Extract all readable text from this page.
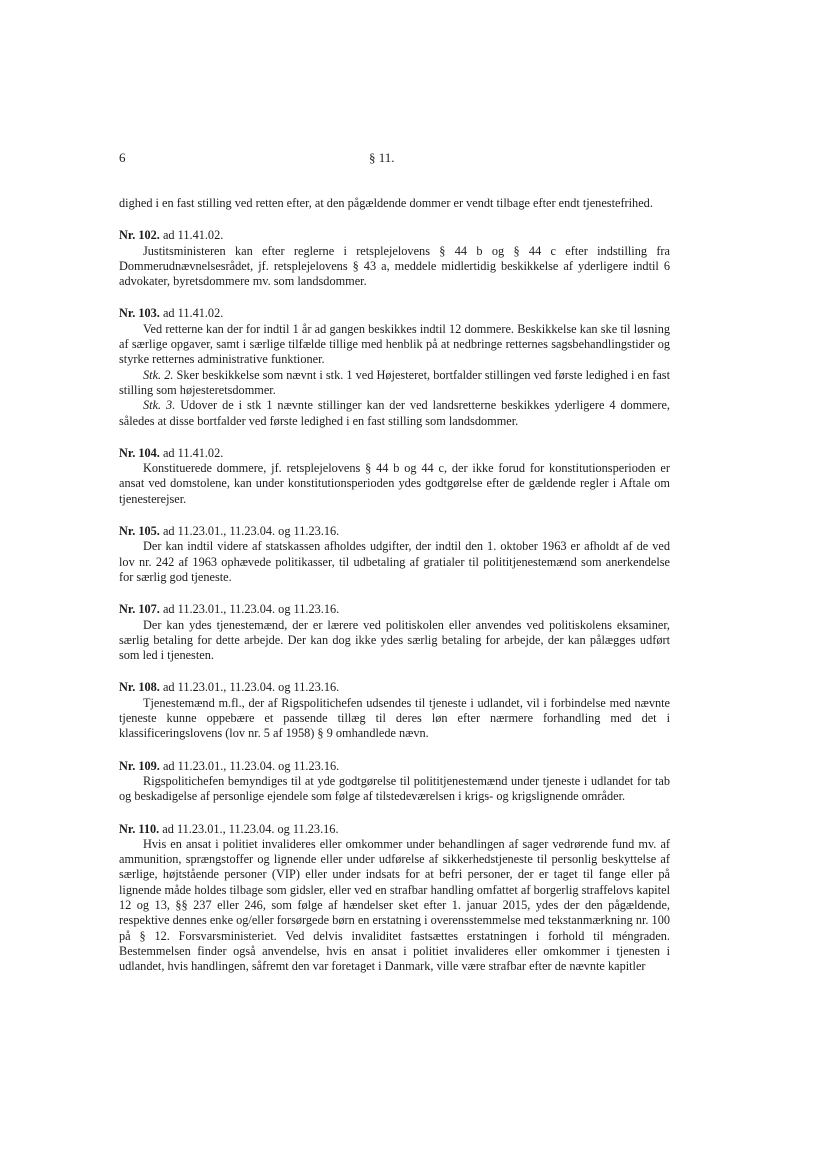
6	§ 11.

dighed i en fast stilling ved retten efter, at den pågældende dommer er vendt tilbage efter endt tjenestefrihed.

Nr. 102. ad 11.41.02.

Justitsministeren kan efter reglerne i retsplejelovens § 44 b og § 44 c efter indstilling fra Dommerudnævnelsesrådet, jf. retsplejelovens § 43 a, meddele midlertidig beskikkelse af yderligere indtil 6 advokater, byretsdommere mv. som landsdommer.

Nr. 103. ad 11.41.02.

Ved retterne kan der for indtil 1 år ad gangen beskikkes indtil 12 dommere. Beskikkelse kan ske til løsning af særlige opgaver, samt i særlige tilfælde tillige med henblik på at nedbringe retternes sagsbehandlingstider og styrke retternes administrative funktioner.

Stk. 2. Sker beskikkelse som nævnt i stk. 1 ved Højesteret, bortfalder stillingen ved første ledighed i en fast stilling som højesteretsdommer.

Stk. 3. Udover de i stk 1 nævnte stillinger kan der ved landsretterne beskikkes yderligere 4 dommere, således at disse bortfalder ved første ledighed i en fast stilling som landsdommer.

Nr. 104. ad 11.41.02.

Konstituerede dommere, jf. retsplejelovens § 44 b og 44 c, der ikke forud for konstitutionsperioden er ansat ved domstolene, kan under konstitutionsperioden ydes godtgørelse efter de gældende regler i Aftale om tjenesterejser.

Nr. 105. ad 11.23.01., 11.23.04. og 11.23.16.

Der kan indtil videre af statskassen afholdes udgifter, der indtil den 1. oktober 1963 er afholdt af de ved lov nr. 242 af 1963 ophævede politikasser, til udbetaling af gratialer til polititjenestemænd som anerkendelse for særlig god tjeneste.

Nr. 107. ad 11.23.01., 11.23.04. og 11.23.16.

Der kan ydes tjenestemænd, der er lærere ved politiskolen eller anvendes ved politiskolens eksaminer, særlig betaling for dette arbejde. Der kan dog ikke ydes særlig betaling for arbejde, der kan pålægges udført som led i tjenesten.

Nr. 108. ad 11.23.01., 11.23.04. og 11.23.16.

Tjenestemænd m.fl., der af Rigspolitichefen udsendes til tjeneste i udlandet, vil i forbindelse med nævnte tjeneste kunne oppebære et passende tillæg til deres løn efter nærmere forhandling med det i klassificeringslovens (lov nr. 5 af 1958) § 9 omhandlede nævn.

Nr. 109. ad 11.23.01., 11.23.04. og 11.23.16.

Rigspolitichefen bemyndiges til at yde godtgørelse til polititjenestemænd under tjeneste i udlandet for tab og beskadigelse af personlige ejendele som følge af tilstedeværelsen i krigs- og krigslignende områder.

Nr. 110. ad 11.23.01., 11.23.04. og 11.23.16.

Hvis en ansat i politiet invalideres eller omkommer under behandlingen af sager vedrørende fund mv. af ammunition, sprængstoffer og lignende eller under udførelse af sikkerhedstjeneste til personlig beskyttelse af særlige, højtstående personer (VIP) eller under indsats for at befri personer, der er taget til fange eller på lignende måde holdes tilbage som gidsler, eller ved en strafbar handling omfattet af borgerlig straffelovs kapitel 12 og 13, §§ 237 eller 246, som følge af hændelser sket efter 1. januar 2015, ydes der den pågældende, respektive dennes enke og/eller forsørgede børn en erstatning i overensstemmelse med tekstanmærkning nr. 100 på § 12. Forsvarsministeriet. Ved delvis invaliditet fastsættes erstatningen i forhold til méngraden. Bestemmelsen finder også anvendelse, hvis en ansat i politiet invalideres eller omkommer i tjenesten i udlandet, hvis handlingen, såfremt den var foretaget i Danmark, ville være strafbar efter de nævnte kapitler
